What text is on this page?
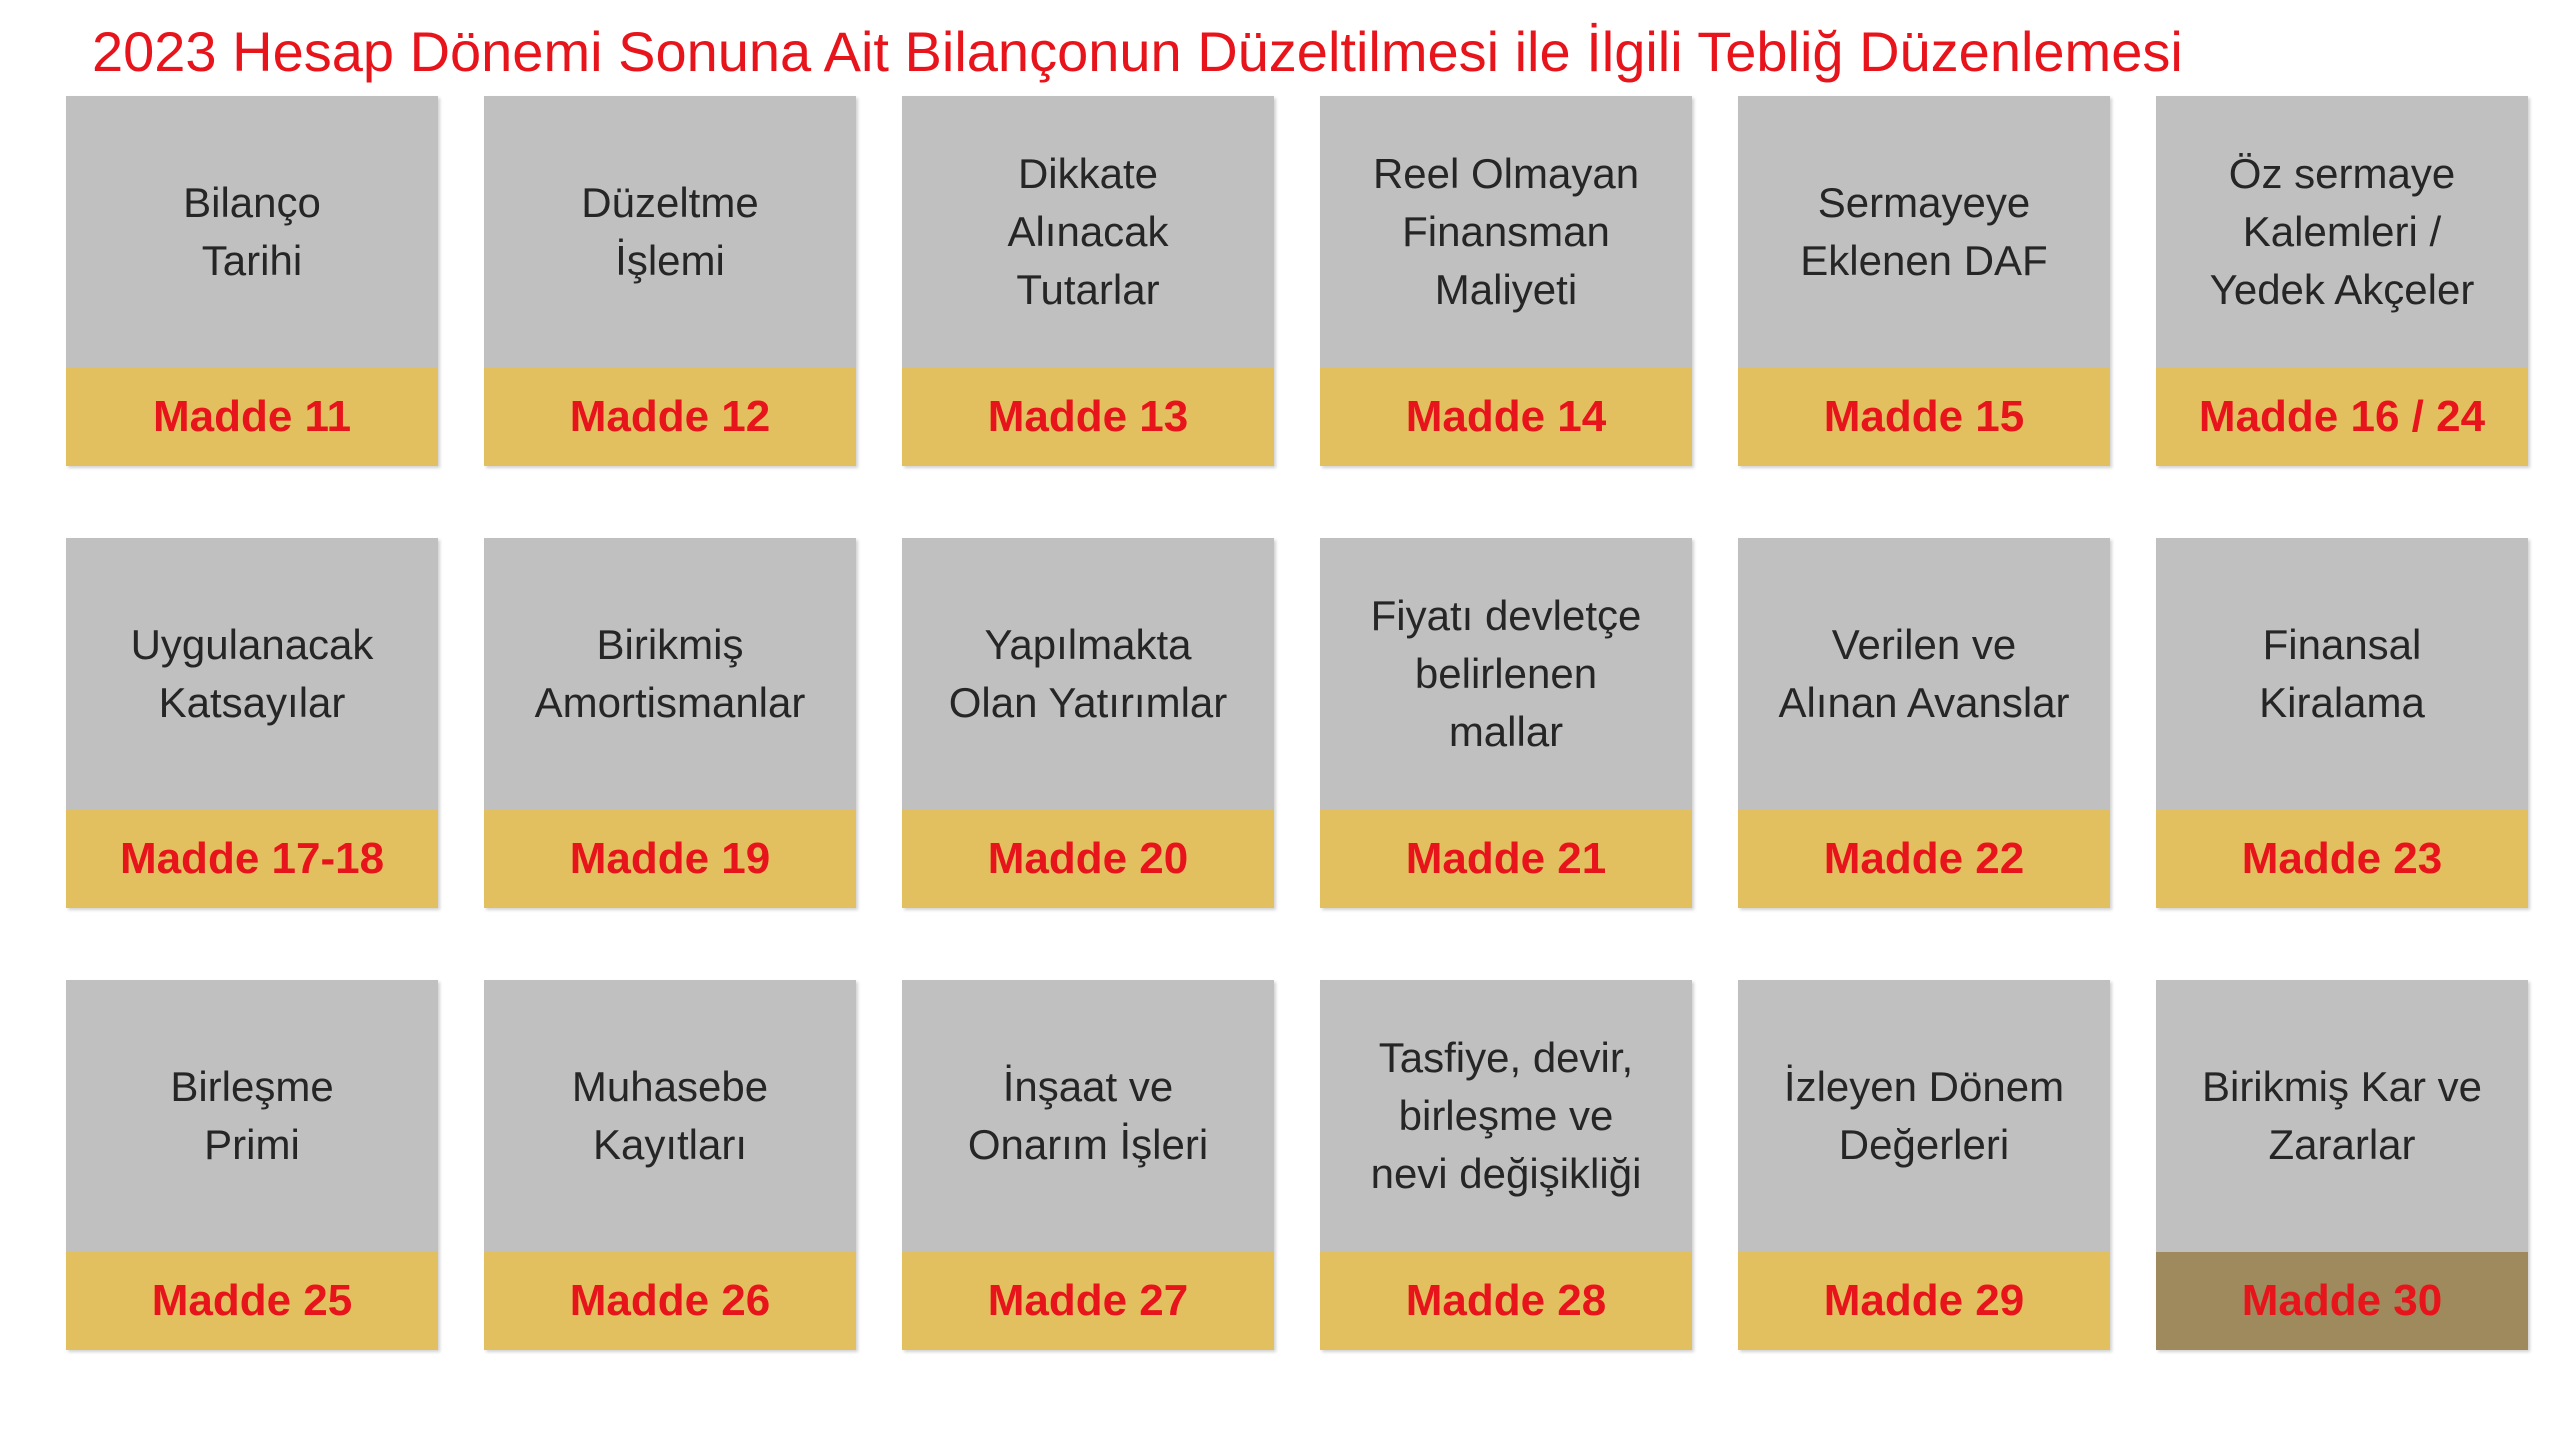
2023 Hesap Dönemi Sonuna Ait Bilançonun Düzeltilmesi ile İlgili Tebliğ Düzenlemesi
Bilanço
Tarihi
Madde 11
Düzeltme
İşlemi
Madde 12
Dikkate
Alınacak
Tutarlar
Madde 13
Reel Olmayan
Finansman
Maliyeti
Madde 14
Sermayeye
Eklenen DAF
Madde 15
Öz sermaye
Kalemleri /
Yedek Akçeler
Madde 16 / 24
Uygulanacak
Katsayılar
Madde 17-18
Birikmiş
Amortismanlar
Madde 19
Yapılmakta
Olan Yatırımlar
Madde 20
Fiyatı devletçe
belirlenen
mallar
Madde 21
Verilen ve
Alınan Avanslar
Madde 22
Finansal
Kiralama
Madde 23
Birleşme
Primi
Madde 25
Muhasebe
Kayıtları
Madde 26
İnşaat ve
Onarım İşleri
Madde 27
Tasfiye, devir,
birleşme ve
nevi değişikliği
Madde 28
İzleyen Dönem
Değerleri
Madde 29
Birikmiş Kar ve
Zararlar
Madde 30
